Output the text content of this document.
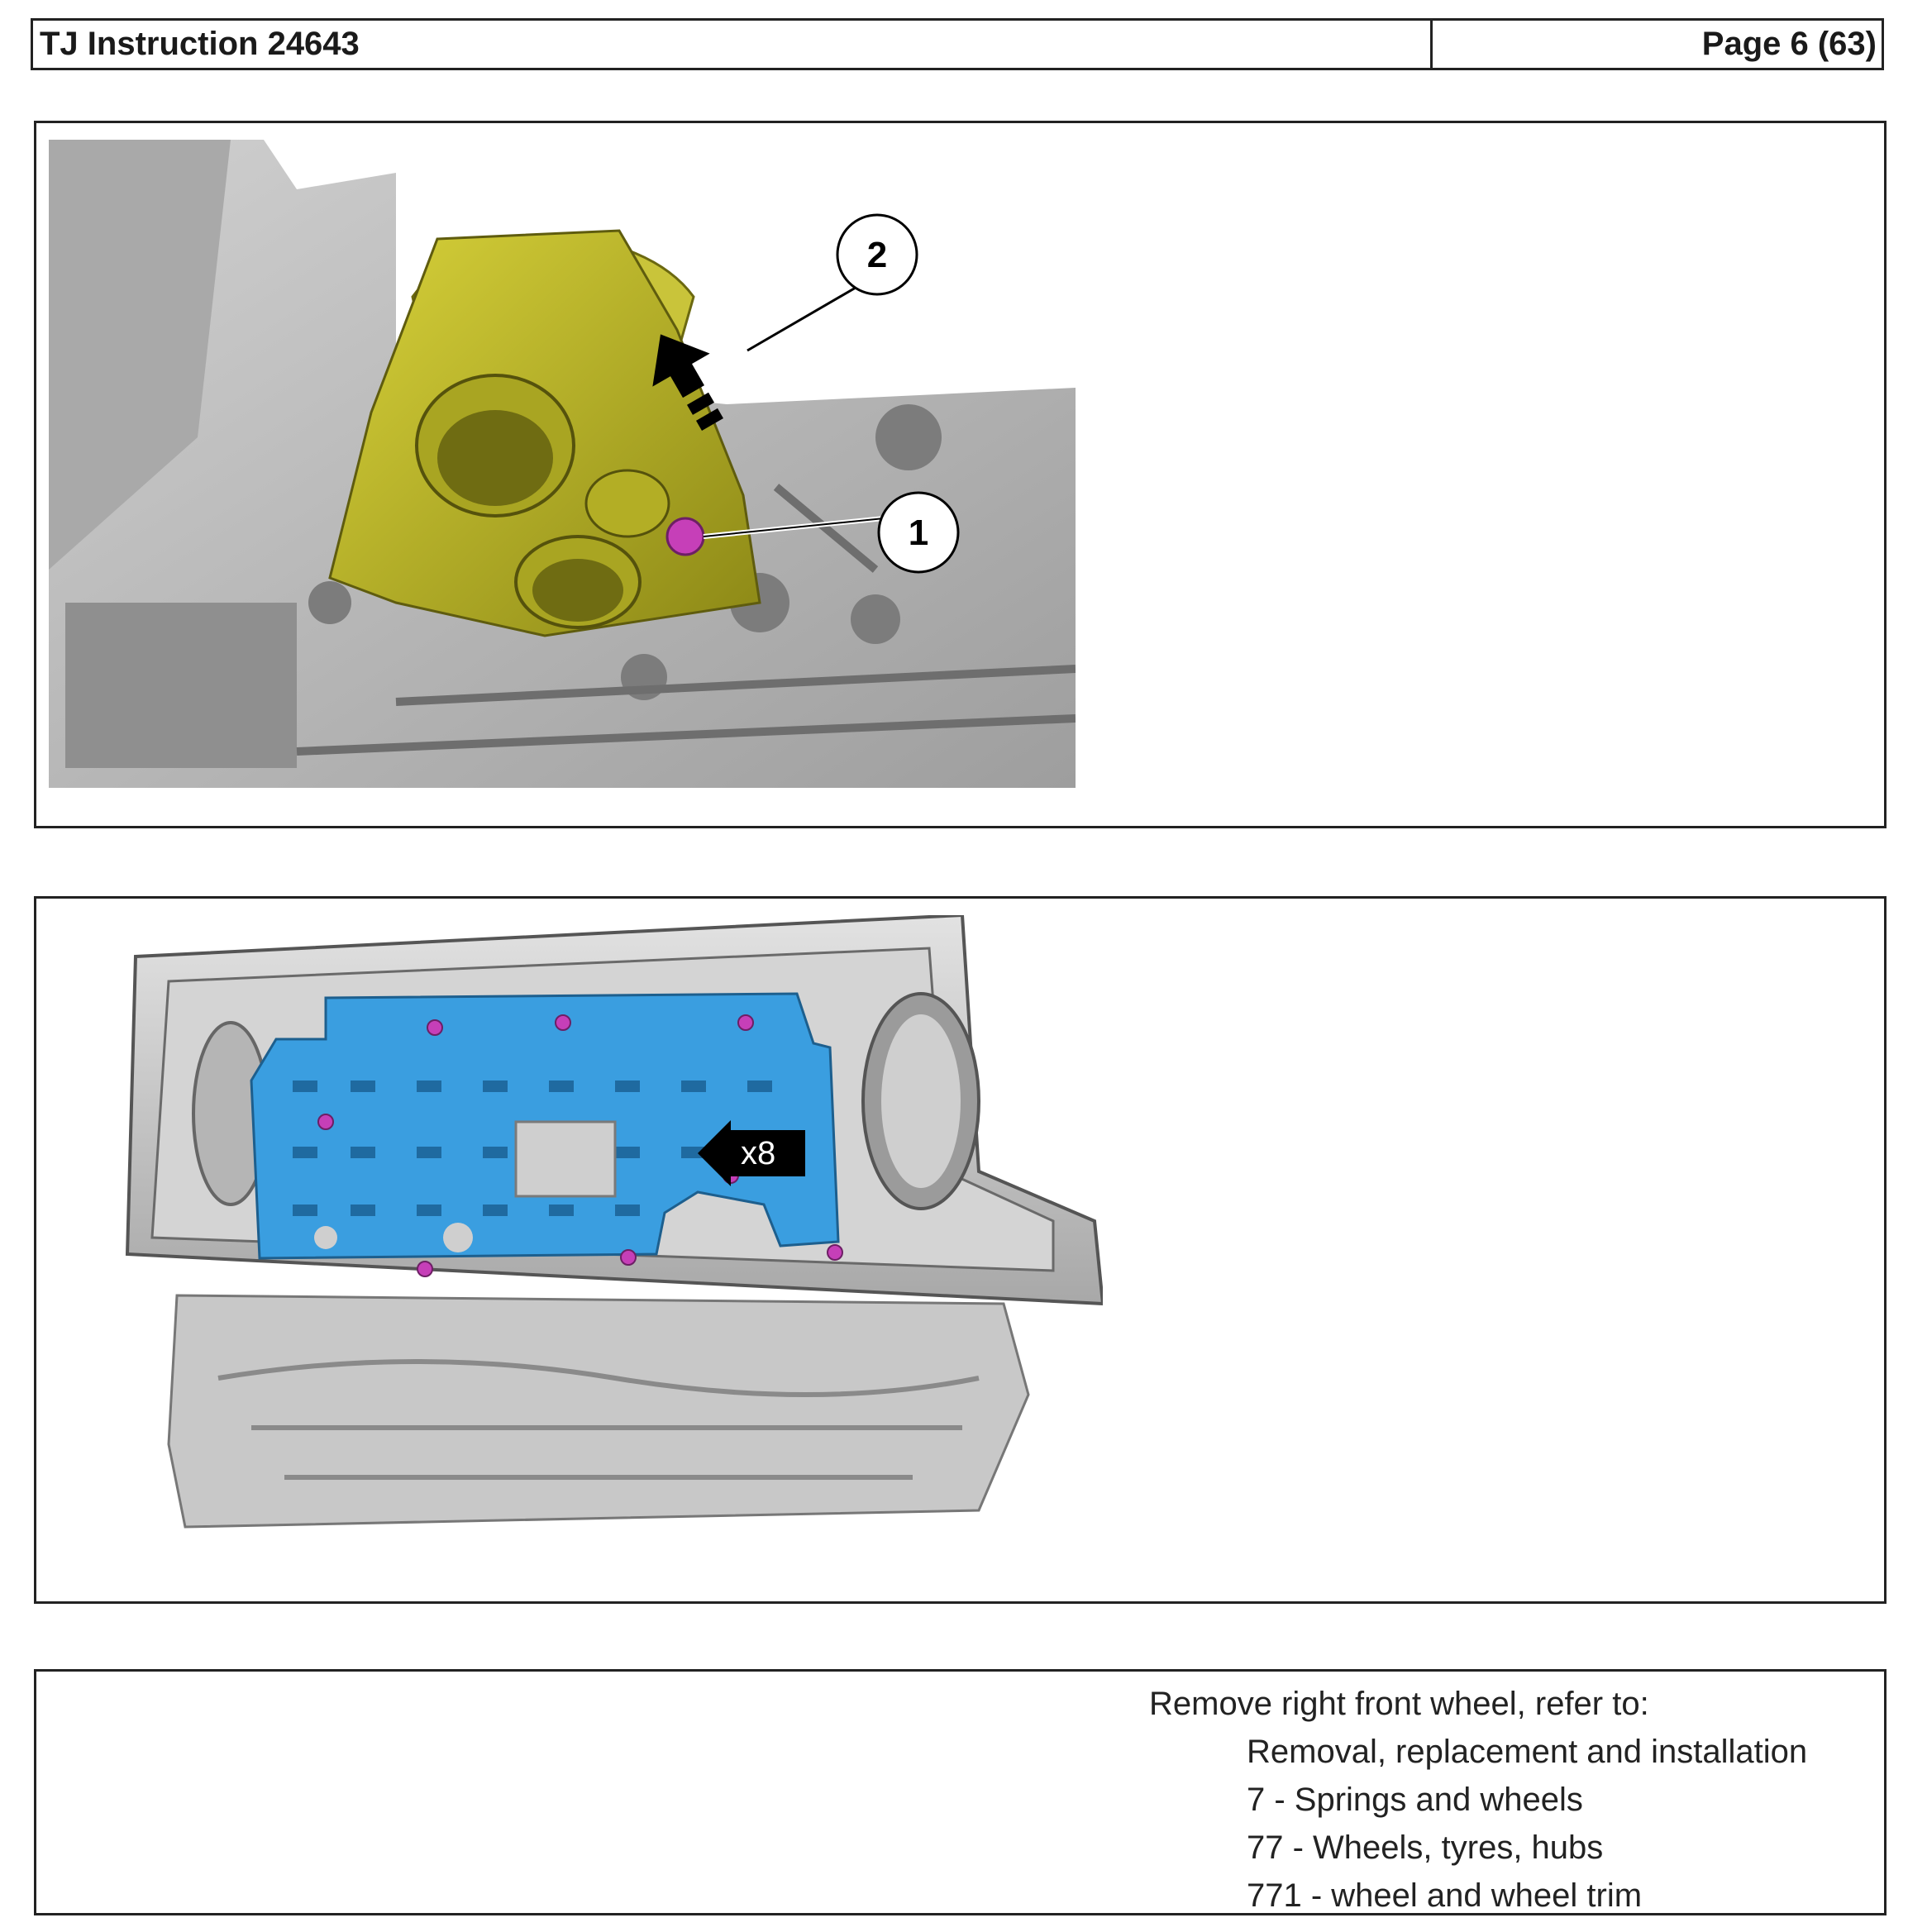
TJ Instruction 24643	Page 6 (63)
2
1
x8
Remove right front wheel, refer to:
Removal, replacement and installation
7 - Springs and wheels
77 - Wheels, tyres, hubs
771 - wheel and wheel trim
